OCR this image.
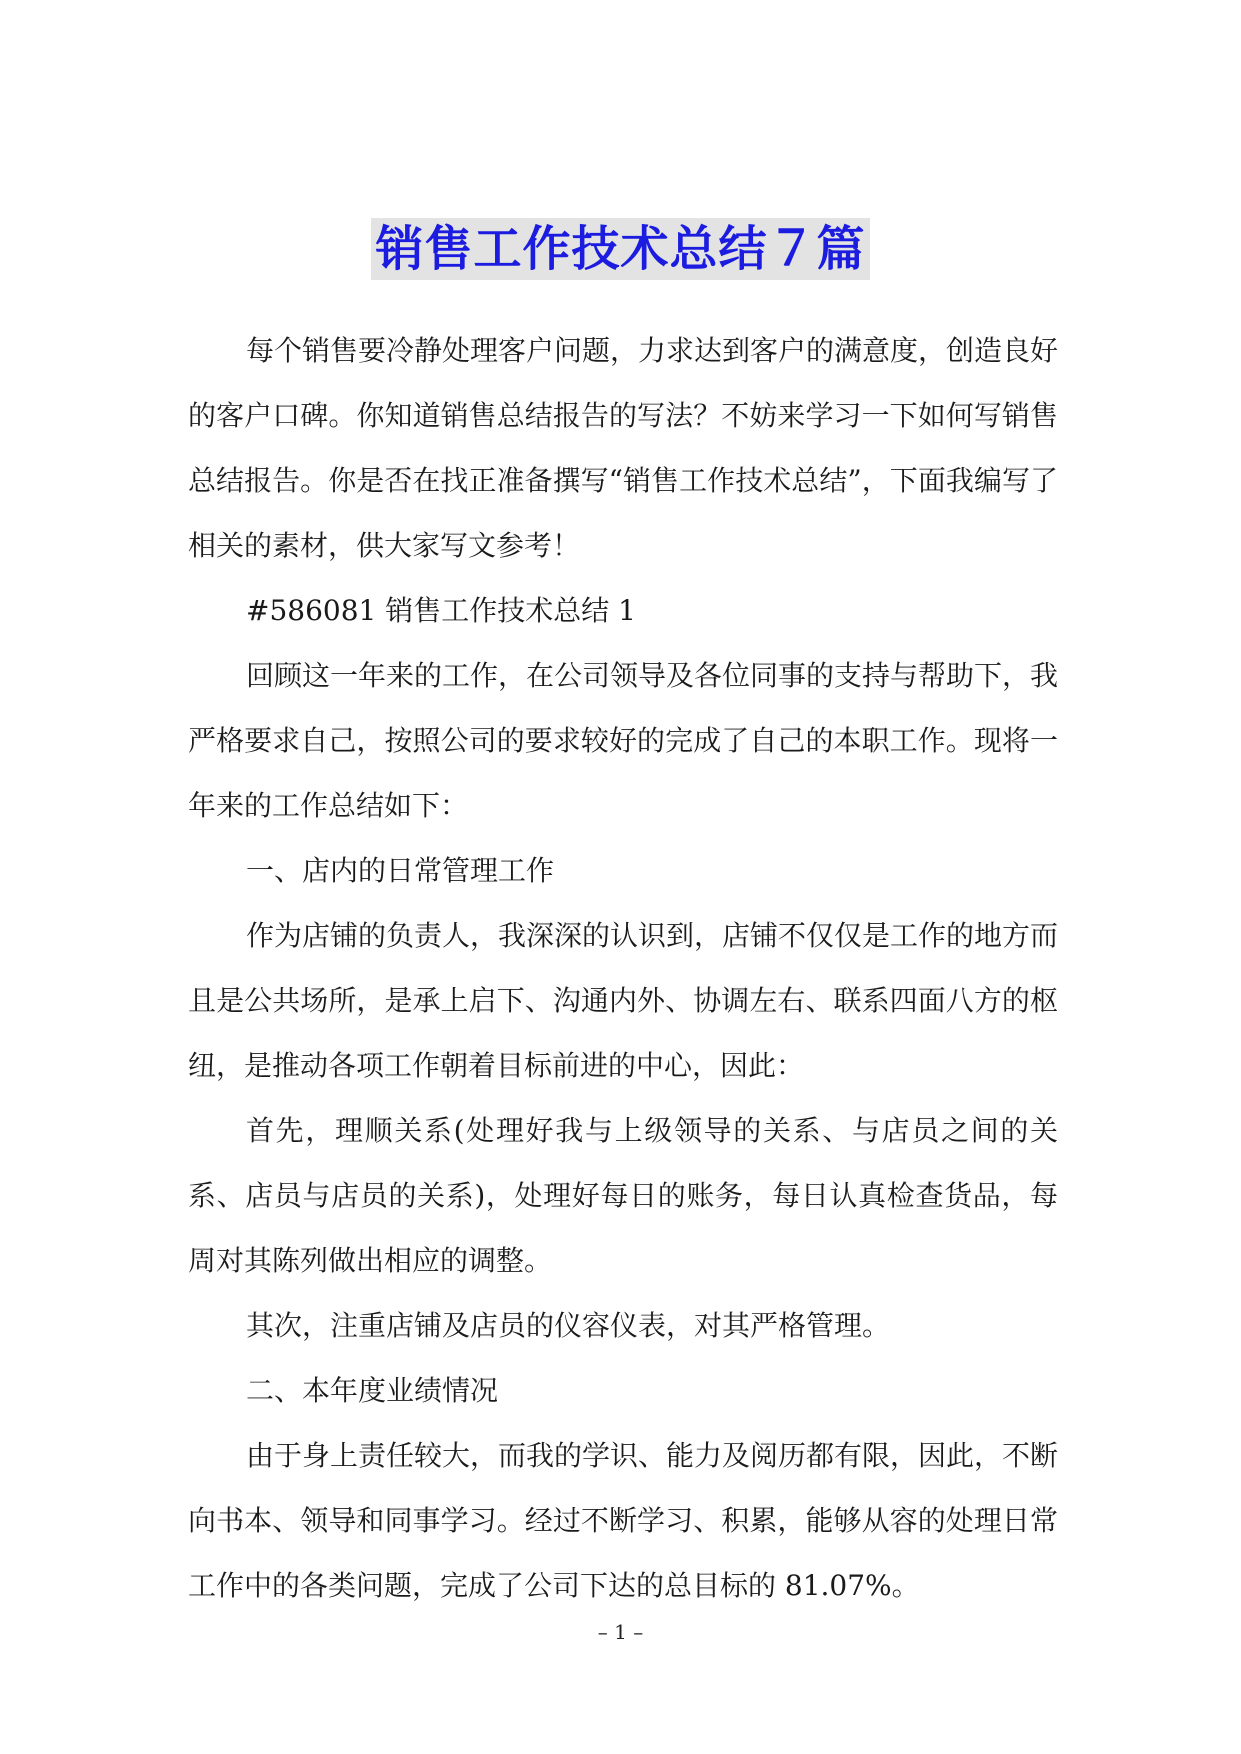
销售工作技术总结７篇

每个销售要冷静处理客户问题，力求达到客户的满意度，创造良好的客户口碑。你知道销售总结报告的写法？不妨来学习一下如何写销售总结报告。你是否在找正准备撰写“销售工作技术总结”，下面我编写了相关的素材，供大家写文参考！

#586081 销售工作技术总结 1

回顾这一年来的工作，在公司领导及各位同事的支持与帮助下，我严格要求自己，按照公司的要求较好的完成了自己的本职工作。现将一年来的工作总结如下：

一、店内的日常管理工作

作为店铺的负责人，我深深的认识到，店铺不仅仅是工作的地方而且是公共场所，是承上启下、沟通内外、协调左右、联系四面八方的枢纽，是推动各项工作朝着目标前进的中心，因此：

首先，理顺关系(处理好我与上级领导的关系、与店员之间的关系、店员与店员的关系)，处理好每日的账务，每日认真检查货品，每周对其陈列做出相应的调整。

其次，注重店铺及店员的仪容仪表，对其严格管理。

二、本年度业绩情况

由于身上责任较大，而我的学识、能力及阅历都有限，因此，不断向书本、领导和同事学习。经过不断学习、积累，能够从容的处理日常工作中的各类问题，完成了公司下达的总目标的 81.07%。

– 1 –
